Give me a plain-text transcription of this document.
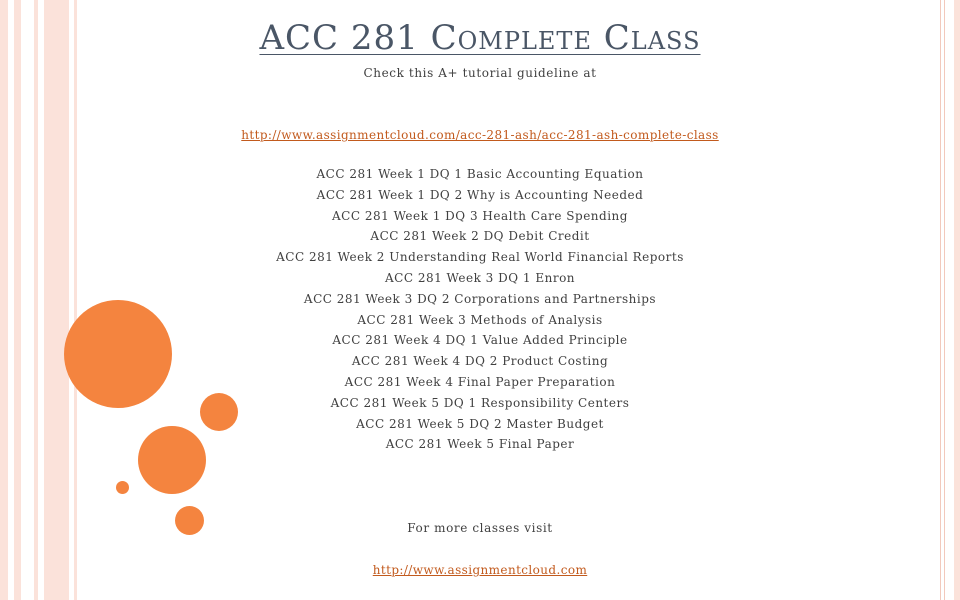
ACC 281 Complete Class
Check this A+ tutorial guideline at
http://www.assignmentcloud.com/acc-281-ash/acc-281-ash-complete-class
ACC 281 Week 1 DQ 1 Basic Accounting Equation
ACC 281 Week 1 DQ 2 Why is Accounting Needed
ACC 281 Week 1 DQ 3 Health Care Spending
ACC 281 Week 2 DQ Debit Credit
ACC 281 Week 2 Understanding Real World Financial Reports
ACC 281 Week 3 DQ 1 Enron
ACC 281 Week 3 DQ 2 Corporations and Partnerships
ACC 281 Week 3 Methods of Analysis
ACC 281 Week 4 DQ 1 Value Added Principle
ACC 281 Week 4 DQ 2 Product Costing
ACC 281 Week 4 Final Paper Preparation
ACC 281 Week 5 DQ 1 Responsibility Centers
ACC 281 Week 5 DQ 2 Master Budget
ACC 281 Week 5 Final Paper
For more classes visit
http://www.assignmentcloud.com
